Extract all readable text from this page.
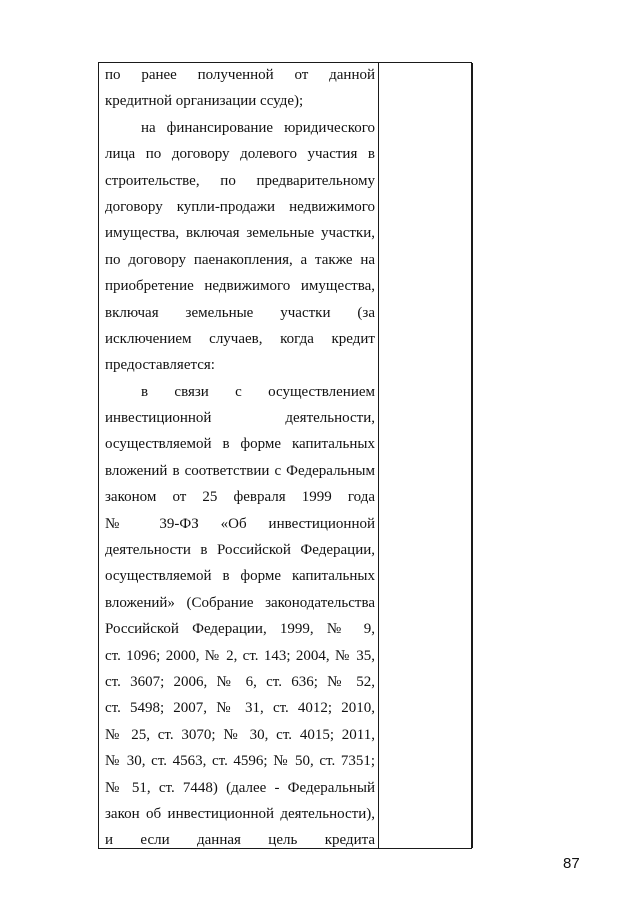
по ранее полученной от данной
кредитной организации ссуде);
на финансирование юридического
лица по договору долевого участия в
строительстве, по предварительному
договору купли-продажи недвижимого
имущества, включая земельные участки,
по договору паенакопления, а также на
приобретение недвижимого имущества,
включая земельные участки (за
исключением случаев, когда кредит
предоставляется:
в связи с осуществлением
инвестиционной деятельности,
осуществляемой в форме капитальных
вложений в соответствии с Федеральным
законом от 25 февраля 1999 года
№ 39-ФЗ «Об инвестиционной
деятельности в Российской Федерации,
осуществляемой в форме капитальных
вложений» (Собрание законодательства
Российской Федерации, 1999, № 9,
ст. 1096; 2000, № 2, ст. 143; 2004, № 35,
ст. 3607; 2006, № 6, ст. 636; № 52,
ст. 5498; 2007, № 31, ст. 4012; 2010,
№ 25, ст. 3070; № 30, ст. 4015; 2011,
№ 30, ст. 4563, ст. 4596; № 50, ст. 7351;
№ 51, ст. 7448) (далее - Федеральный
закон об инвестиционной деятельности),
и если данная цель кредита
87
